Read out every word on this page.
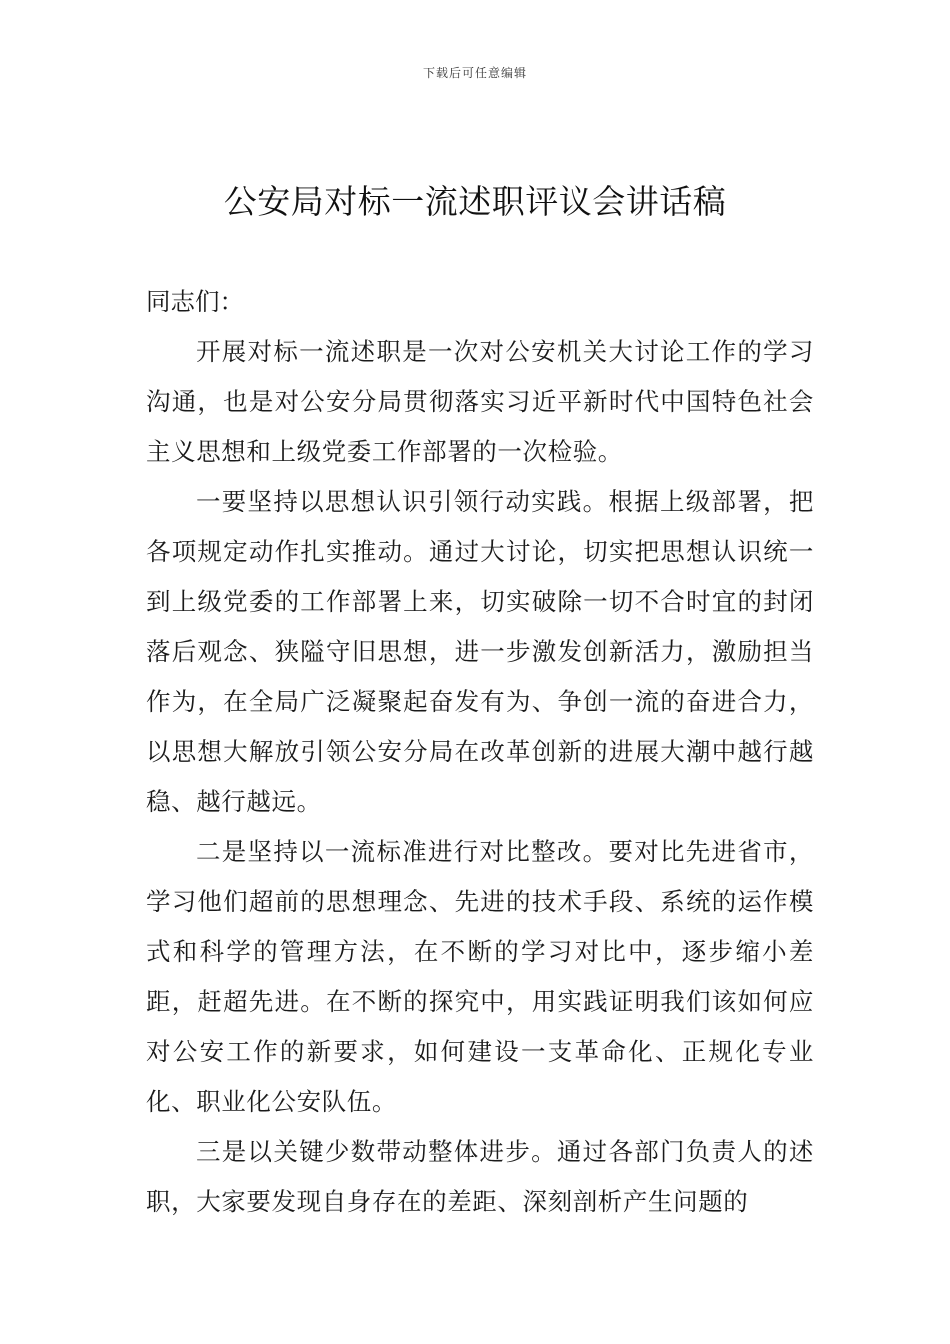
下载后可任意编辑
公安局对标一流述职评议会讲话稿

同志们：

开展对标一流述职是一次对公安机关大讨论工作的学习沟通，也是对公安分局贯彻落实习近平新时代中国特色社会主义思想和上级党委工作部署的一次检验。

一要坚持以思想认识引领行动实践。根据上级部署，把各项规定动作扎实推动。通过大讨论，切实把思想认识统一到上级党委的工作部署上来，切实破除一切不合时宜的封闭落后观念、狭隘守旧思想，进一步激发创新活力，激励担当作为，在全局广泛凝聚起奋发有为、争创一流的奋进合力，以思想大解放引领公安分局在改革创新的进展大潮中越行越稳、越行越远。

二是坚持以一流标准进行对比整改。要对比先进省市，学习他们超前的思想理念、先进的技术手段、系统的运作模式和科学的管理方法，在不断的学习对比中，逐步缩小差距，赶超先进。在不断的探究中，用实践证明我们该如何应对公安工作的新要求，如何建设一支革命化、正规化专业化、职业化公安队伍。

三是以关键少数带动整体进步。通过各部门负责人的述职，大家要发现自身存在的差距、深刻剖析产生问题的
